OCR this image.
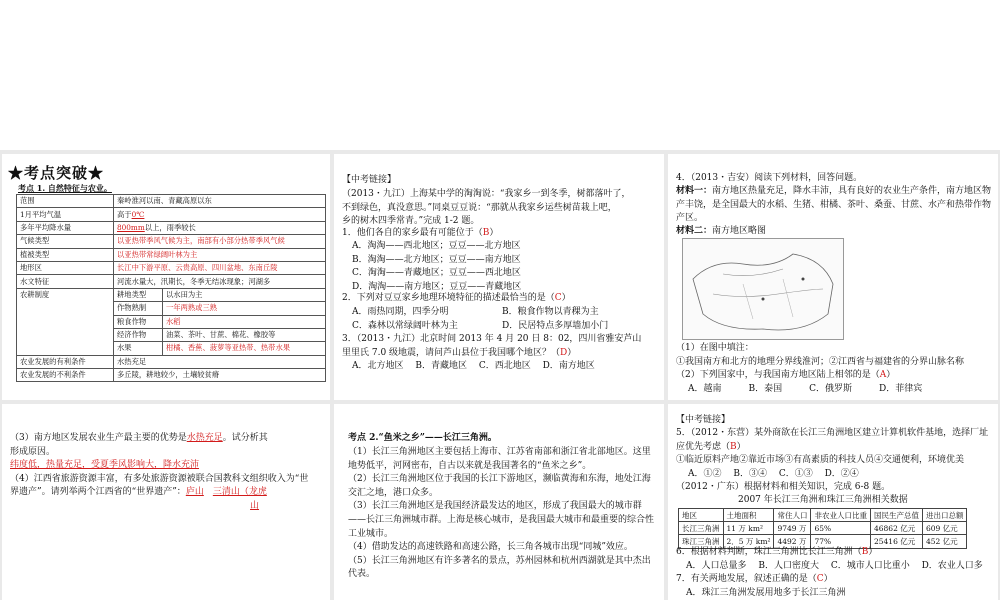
★考点突破★
考点 1. 自然特征与农业。
范围	秦岭淮河以南、青藏高原以东	
1月平均气温	高于0℃	
多年平均降水量	800mm以上，雨季较长	
气候类型	以亚热带季风气候为主，南部有小部分热带季风气候	
植被类型	以亚热带常绿阔叶林为主	
地形区	长江中下游平原、云贵高原、四川盆地、东南丘陵	
水文特征	河流水量大，汛期长，冬季无结冰现象；河湖多	
农耕制度	耕地类型	以水田为主
	作物熟制	一年两熟或三熟
	粮食作物	水稻
	经济作物	油菜、茶叶、甘蔗、棉花、橡胶等
	水果	柑橘、香蕉、菠萝等亚热带、热带水果
农业发展的有利条件	水热充足	
农业发展的不利条件	多丘陵，耕地较少，土壤较贫瘠	
【中考链接】
（2013・九江）上海某中学的淘淘说：“我家乡一到冬季，树都落叶了，
不到绿色，真没意思。”同桌豆豆说：“那就从我家乡运些树苗栽上吧，
乡的树木四季常青。”完成 1-2 题。
1．他们各自的家乡最有可能位于（B）
A．淘淘——西北地区；豆豆——北方地区
B．淘淘——北方地区；豆豆——南方地区
C．淘淘——青藏地区；豆豆——西北地区
D．淘淘——南方地区；豆豆——青藏地区
2．下列对豆豆家乡地理环境特征的描述最恰当的是（C）
A．雨热同期，四季分明	B．粮食作物以青稞为主
C．森林以常绿阔叶林为主	D．民居特点多厚墙加小门
3．（2013・九江）北京时间 2013 年 4 月 20 日 8：02，四川省雅安芦山
里里氏 7.0 级地震，请问芦山县位于我国哪个地区？（D）
A．北方地区　 B．青藏地区　 C．西北地区　 D．南方地区
4．（2013・吉安）阅读下列材料，回答问题。
材料一：南方地区热量充足，降水丰沛，具有良好的农业生产条件，南方地区物产丰饶，是全国最大的水稻、生猪、柑橘、茶叶、桑蚕、甘蔗、水产和热带作物产区。
材料二：南方地区略图
（1）在图中填注：
①我国南方和北方的地理分界线淮河；②江西省与福建省的分界山脉名称
（2）下列国家中，与我国南方地区陆上相邻的是（A）
A．越南　　　B．泰国　　　C．俄罗斯　　　D．菲律宾
（3）南方地区发展农业生产最主要的优势是水热充足。试分析其
形成原因。
纬度低，热量充足，受夏季风影响大，降水充沛
（4）江西省旅游资源丰富，有多处旅游资源被联合国教科文组织收入为“世
界遗产”。请列举两个江西省的“世界遗产”：庐山　 三清山（龙虎
山
考点 2.“鱼米之乡”——长江三角洲。
（1）长江三角洲地区主要包括上海市、江苏省南部和浙江省北部地区。这里地势低平，河网密布，自古以来就是我国著名的“鱼米之乡”。
（2）长江三角洲地区位于我国的长江下游地区，濒临黄海和东海，地处江海交汇之地，港口众多。
（3）长江三角洲地区是我国经济最发达的地区，形成了我国最大的城市群——长江三角洲城市群。上海是核心城市，是我国最大城市和最重要的综合性工业城市。
（4）借助发达的高速铁路和高速公路，长三角各城市出现“同城”效应。
（5）长江三角洲地区有许多著名的景点，苏州园林和杭州西湖就是其中杰出代表。
【中考链接】
5．（2012・东营）某外商欲在长江三角洲地区建立计算机软件基地，选择厂址应优先考虑（B）
①临近原料产地②靠近市场③有高素质的科技人员④交通便利，环境优美
A．①②　 B．③④　 C．①③　 D．②④
（2012・广东）根据材料和相关知识，完成 6-8 题。
2007 年长江三角洲和珠江三角洲相关数据
地区	土地面积	常住人口	非农业人口比重	国民生产总值	进出口总额
长江三角洲	11 万 km²	9749 万	65%	46862 亿元	609 亿元
珠江三角洲	2．5 万 km²	4492 万	77%	25416 亿元	452 亿元
6．根据材料判断，珠江三角洲比长江三角洲（B）
A．人口总量多　 B．人口密度大　 C．城市人口比重小　 D．农业人口多
7．有关两地发展，叙述正确的是（C）
A．珠江三角洲发展用地多于长江三角洲
